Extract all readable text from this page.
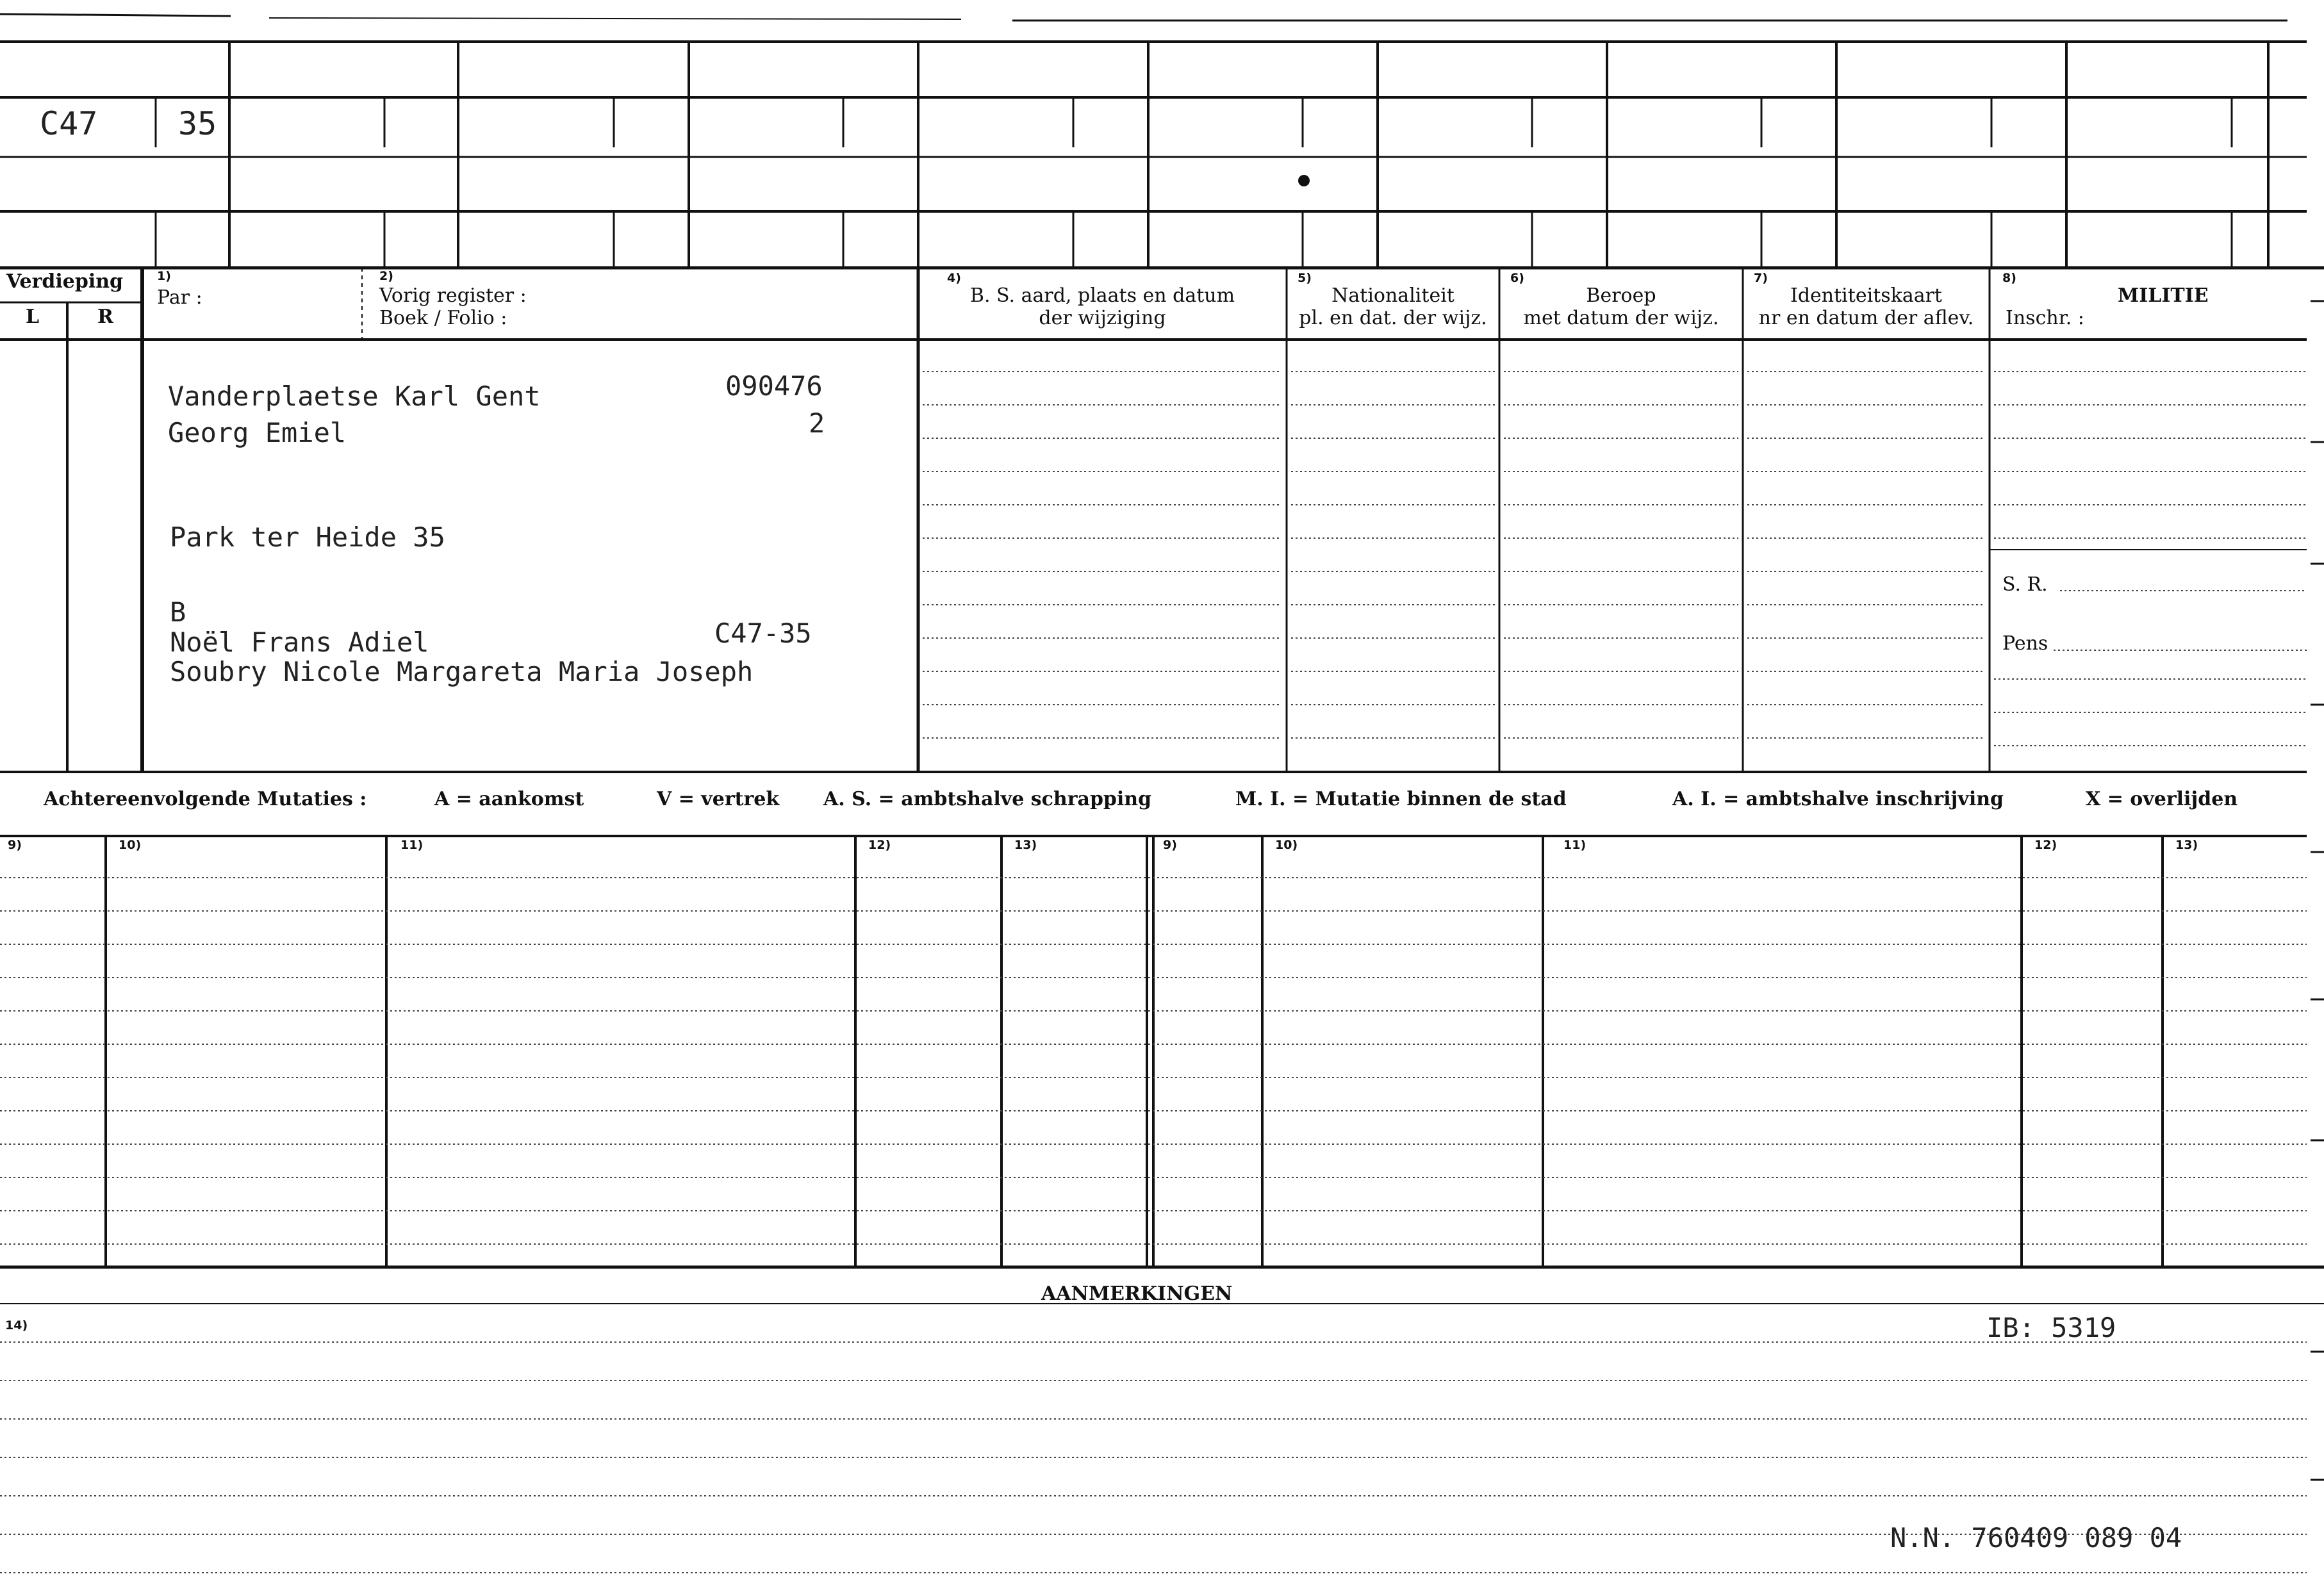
C47	35
Verdieping
L	R
1)
Par :
2)
Vorig register :
Boek / Folio :
4)
B. S. aard, plaats en datum
der wijziging
5)
Nationaliteit
pl. en dat. der wijz.
6)
Beroep
met datum der wijz.
7)
Identiteitskaart
nr en datum der aflev.
8)
MILITIE
Inschr. :
S. R.
Pens
Vanderplaetse Karl Gent
Georg Emiel
090476
2
Park ter Heide 35
B
Noël Frans Adiel	C47-35
Soubry Nicole Margareta Maria Joseph
Achtereenvolgende Mutaties :	A = aankomst	V = vertrek A. S. = ambtshalve schrapping	M. I. = Mutatie binnen de stad	A. I. = ambtshalve inschrijving	X = overlijden
9)	10)	11)	12)	13)	9)	10)	11)	12)	13)
AANMERKINGEN
14)	IB: 5319
N.N. 760409 089 04
